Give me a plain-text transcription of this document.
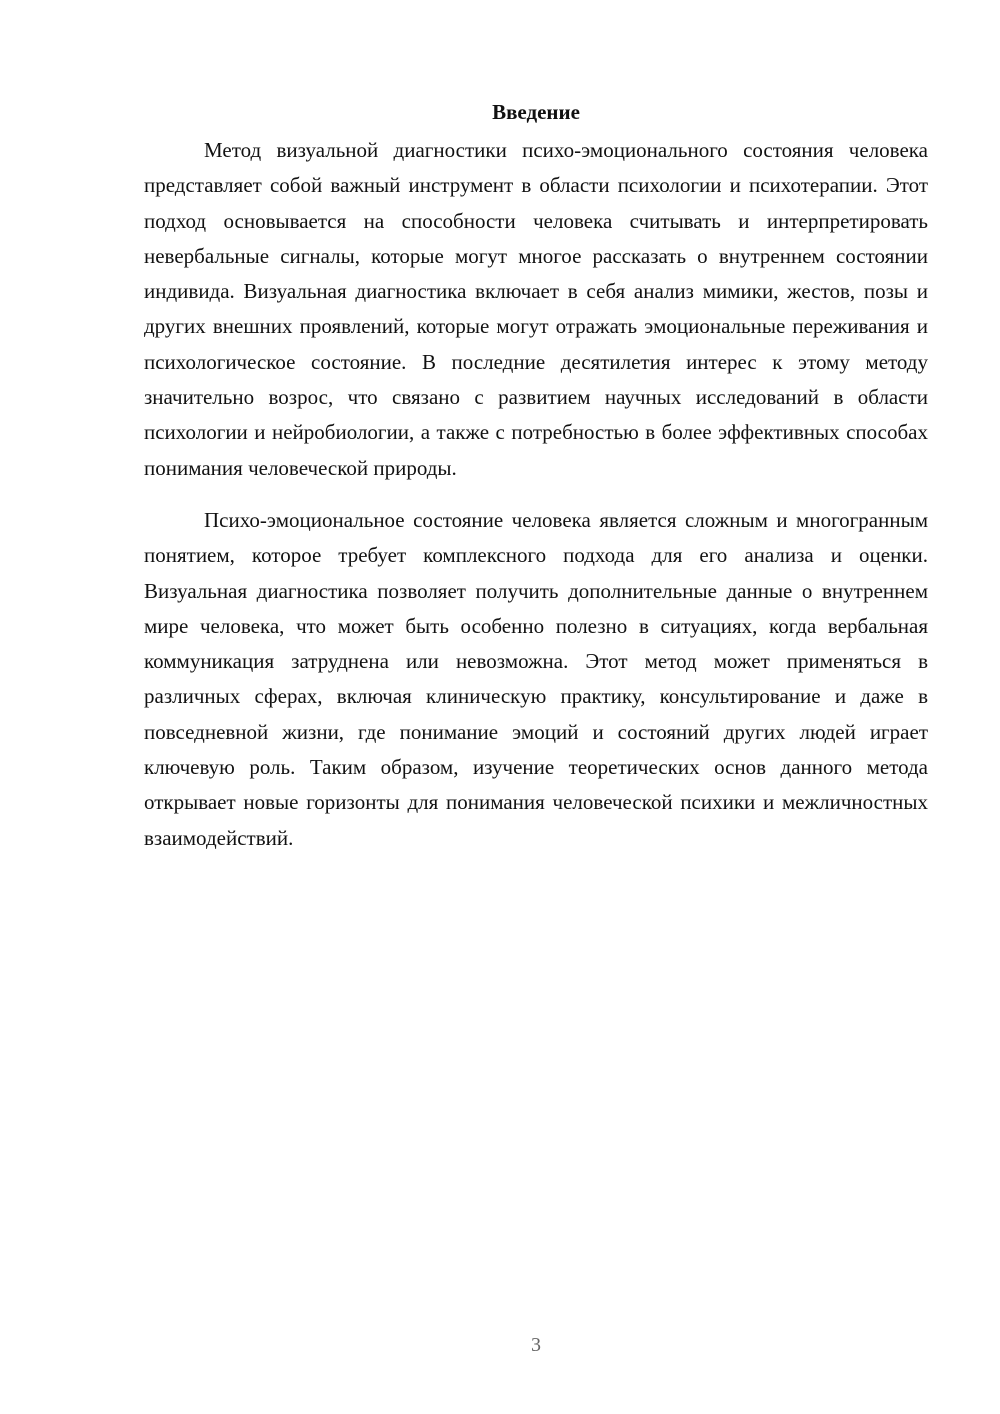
Введение

Метод визуальной диагностики психо-эмоционального состояния человека представляет собой важный инструмент в области психологии и психотерапии. Этот подход основывается на способности человека считывать и интерпретировать невербальные сигналы, которые могут многое рассказать о внутреннем состоянии индивида. Визуальная диагностика включает в себя анализ мимики, жестов, позы и других внешних проявлений, которые могут отражать эмоциональные переживания и психологическое состояние. В последние десятилетия интерес к этому методу значительно возрос, что связано с развитием научных исследований в области психологии и нейробиологии, а также с потребностью в более эффективных способах понимания человеческой природы.

Психо-эмоциональное состояние человека является сложным и многогранным понятием, которое требует комплексного подхода для его анализа и оценки. Визуальная диагностика позволяет получить дополнительные данные о внутреннем мире человека, что может быть особенно полезно в ситуациях, когда вербальная коммуникация затруднена или невозможна. Этот метод может применяться в различных сферах, включая клиническую практику, консультирование и даже в повседневной жизни, где понимание эмоций и состояний других людей играет ключевую роль. Таким образом, изучение теоретических основ данного метода открывает новые горизонты для понимания человеческой психики и межличностных взаимодействий.

3
